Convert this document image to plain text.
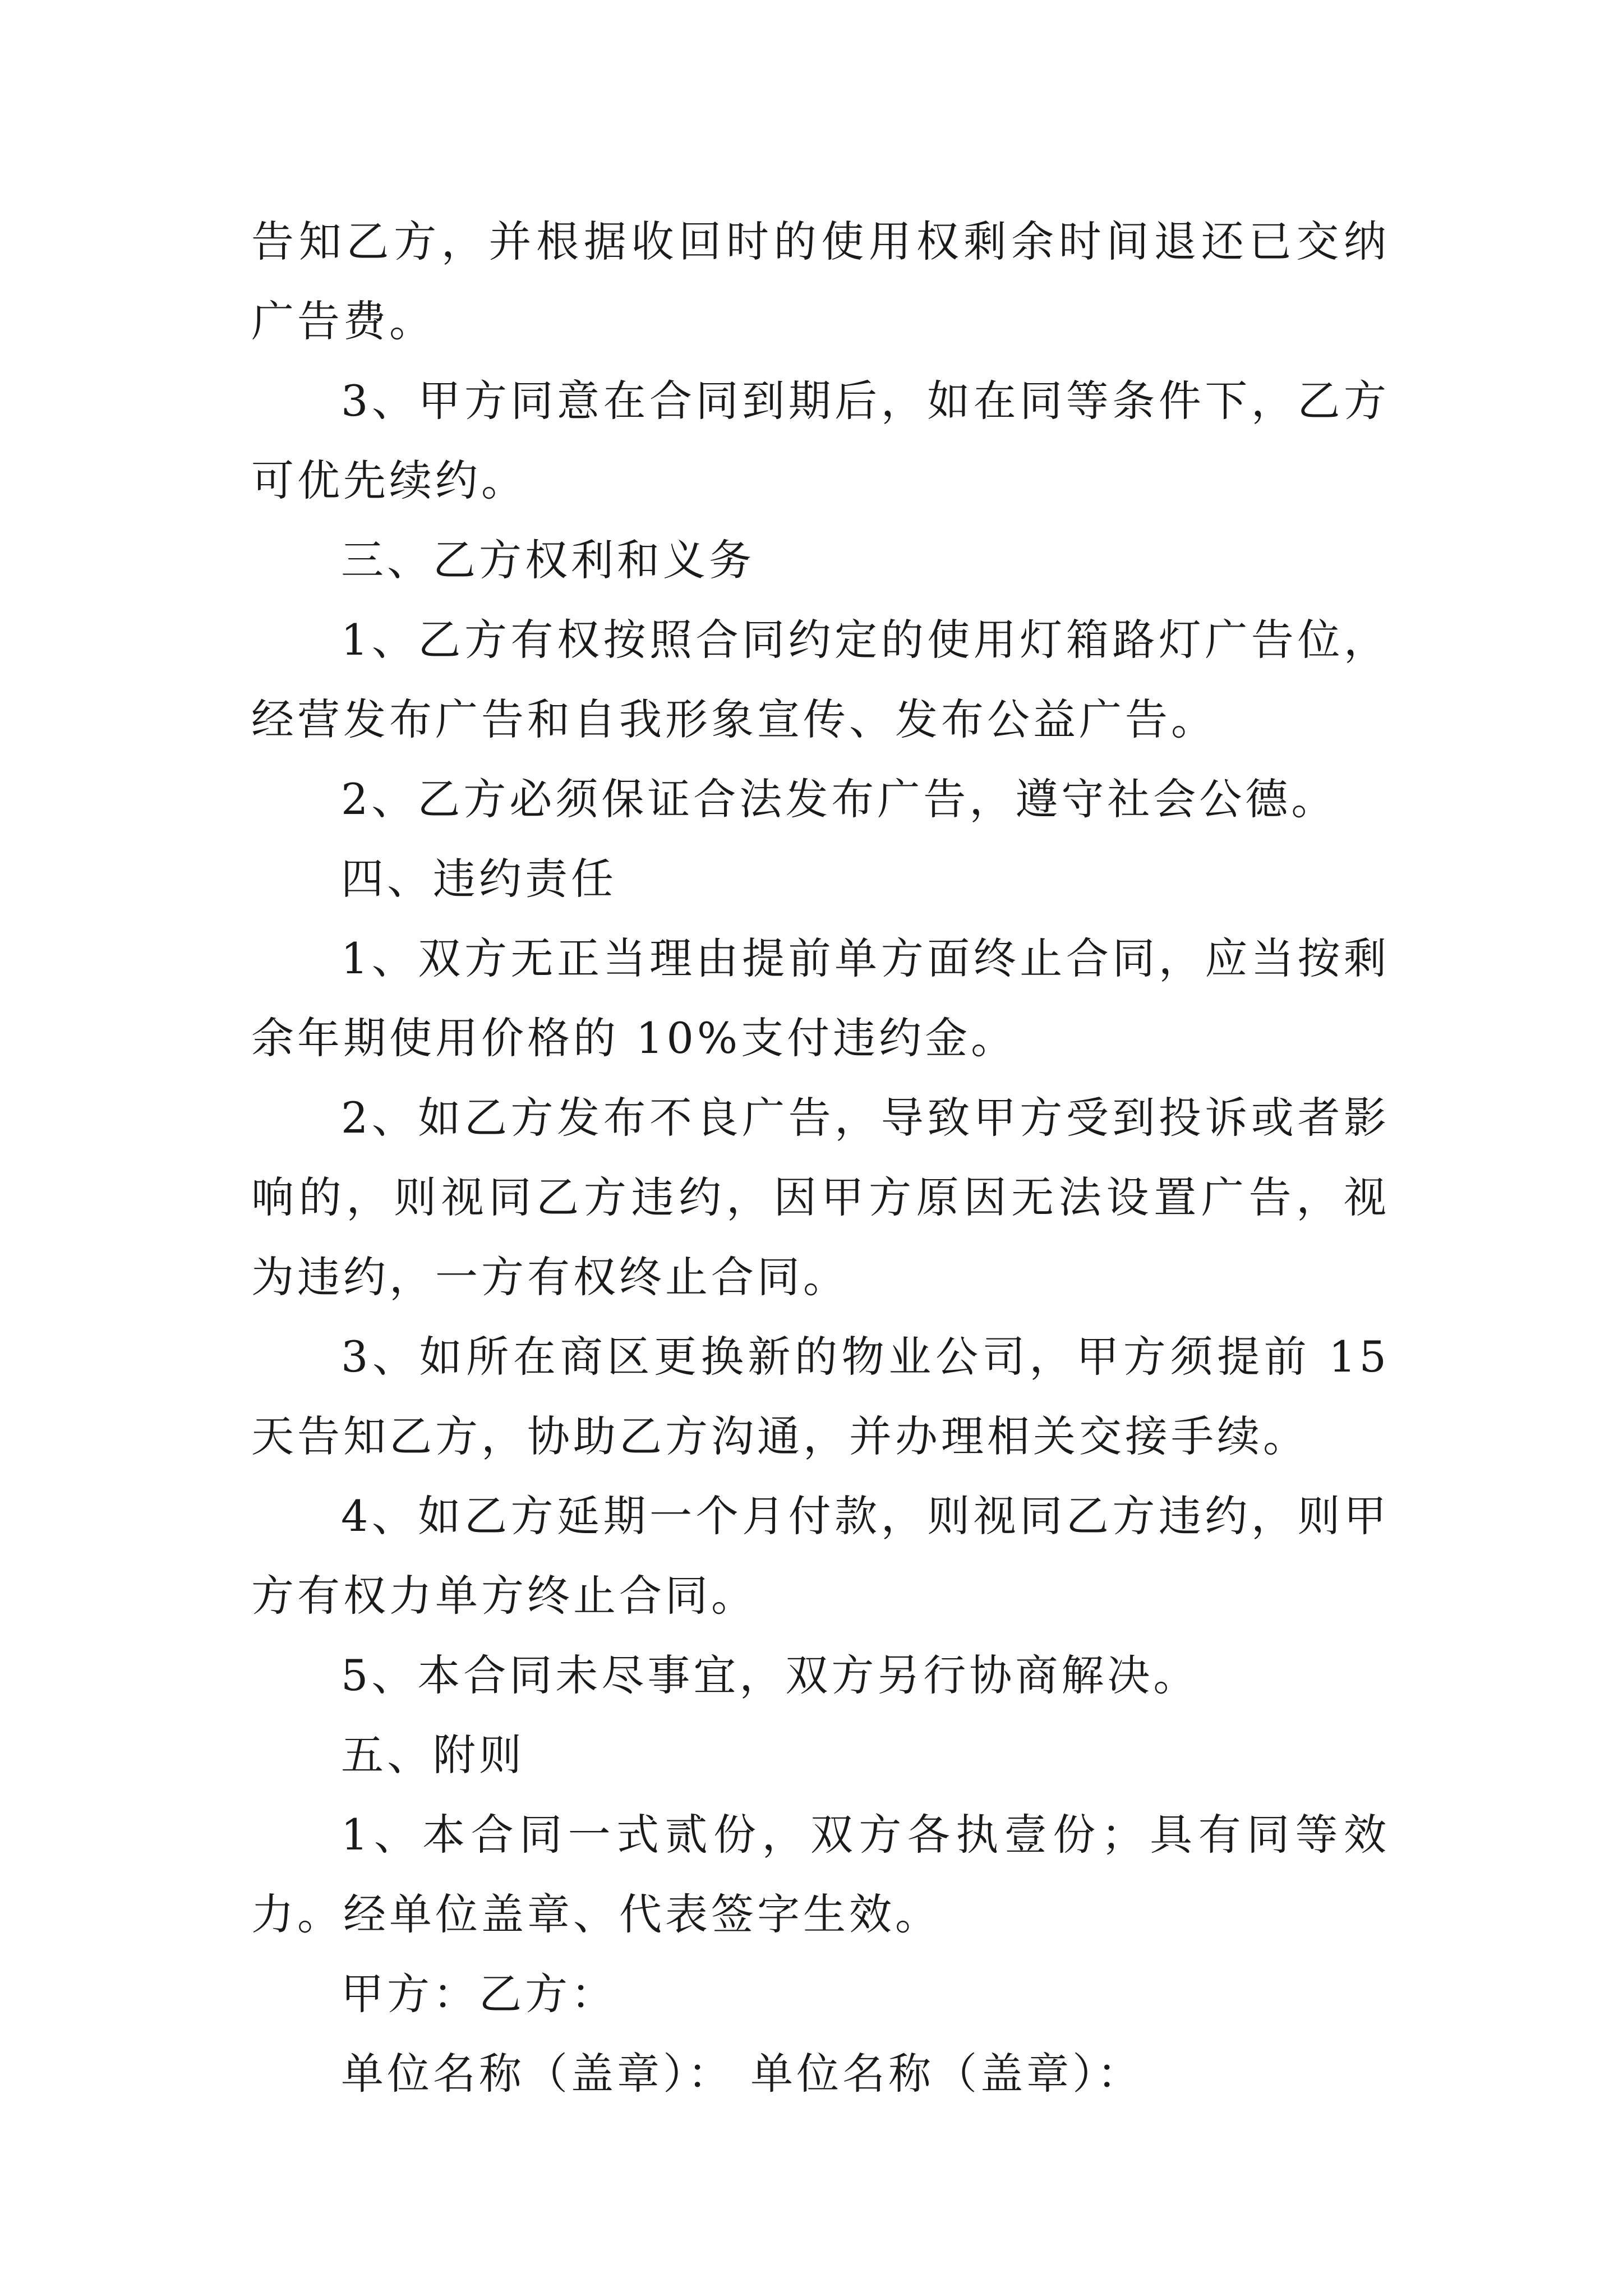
告知乙方，并根据收回时的使用权剩余时间退还已交纳广告费。

3、甲方同意在合同到期后，如在同等条件下，乙方可优先续约。

三、乙方权利和义务

1、乙方有权按照合同约定的使用灯箱路灯广告位，经营发布广告和自我形象宣传、发布公益广告。

2、乙方必须保证合法发布广告，遵守社会公德。

四、违约责任

1、双方无正当理由提前单方面终止合同，应当按剩余年期使用价格的 10%支付违约金。

2、如乙方发布不良广告，导致甲方受到投诉或者影响的，则视同乙方违约，因甲方原因无法设置广告，视为违约，一方有权终止合同。

3、如所在商区更换新的物业公司，甲方须提前 15 天告知乙方，协助乙方沟通，并办理相关交接手续。

4、如乙方延期一个月付款，则视同乙方违约，则甲方有权力单方终止合同。

5、本合同未尽事宜，双方另行协商解决。

五、附则

1、本合同一式贰份，双方各执壹份；具有同等效力。经单位盖章、代表签字生效。

甲方：乙方：

单位名称（盖章）： 单位名称（盖章）：
